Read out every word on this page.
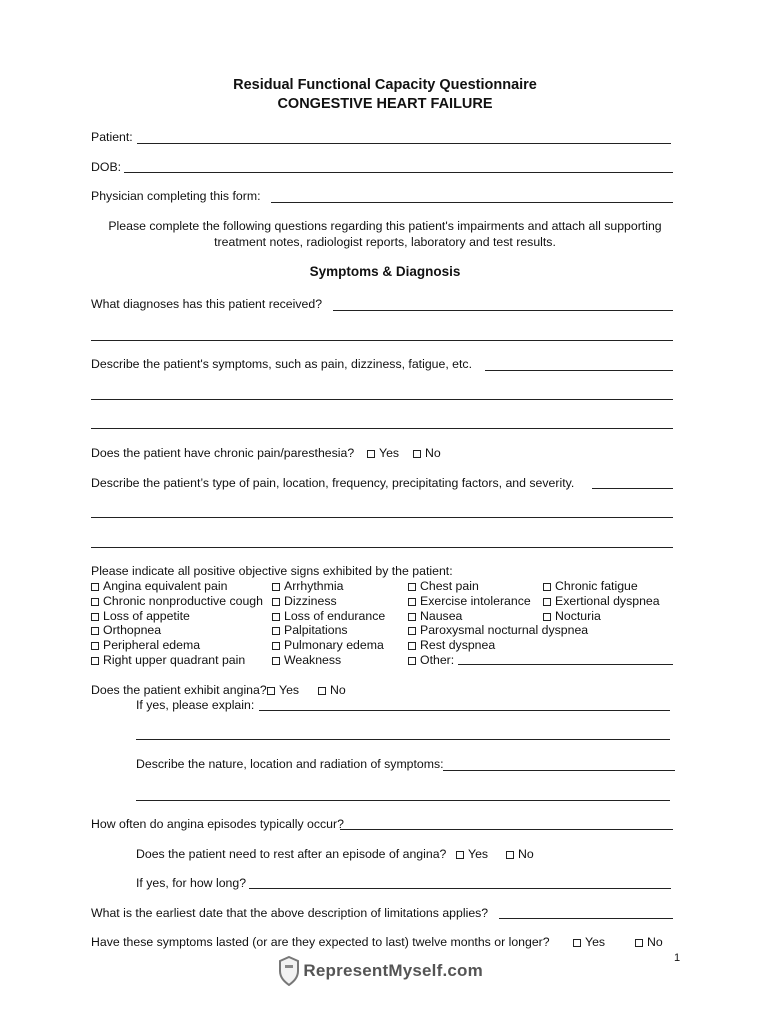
Residual Functional Capacity Questionnaire
CONGESTIVE HEART FAILURE
Patient:
DOB:
Physician completing this form:
Please complete the following questions regarding this patient's impairments and attach all supporting
treatment notes, radiologist reports, laboratory and test results.
Symptoms & Diagnosis
What diagnoses has this patient received?
Describe the patient's symptoms, such as pain, dizziness, fatigue, etc.
Does the patient have chronic pain/paresthesia?	Yes	No
Describe the patient’s type of pain, location, frequency, precipitating factors, and severity.
Please indicate all positive objective signs exhibited by the patient:
Angina equivalent pain	Arrhythmia	Chest pain	Chronic fatigue
Chronic nonproductive cough	Dizziness	Exercise intolerance	Exertional dyspnea
Loss of appetite	Loss of endurance	Nausea	Nocturia
Orthopnea	Palpitations	Paroxysmal nocturnal dyspnea
Peripheral edema	Pulmonary edema	Rest dyspnea
Right upper quadrant pain	Weakness	Other:
Does the patient exhibit angina? Yes	No
If yes, please explain:
Describe the nature, location and radiation of symptoms:
How often do angina episodes typically occur?
Does the patient need to rest after an episode of angina?	Yes	No
If yes, for how long?
What is the earliest date that the above description of limitations applies?
Have these symptoms lasted (or are they expected to last) twelve months or longer?	Yes	No
1
RepresentMyself.com
